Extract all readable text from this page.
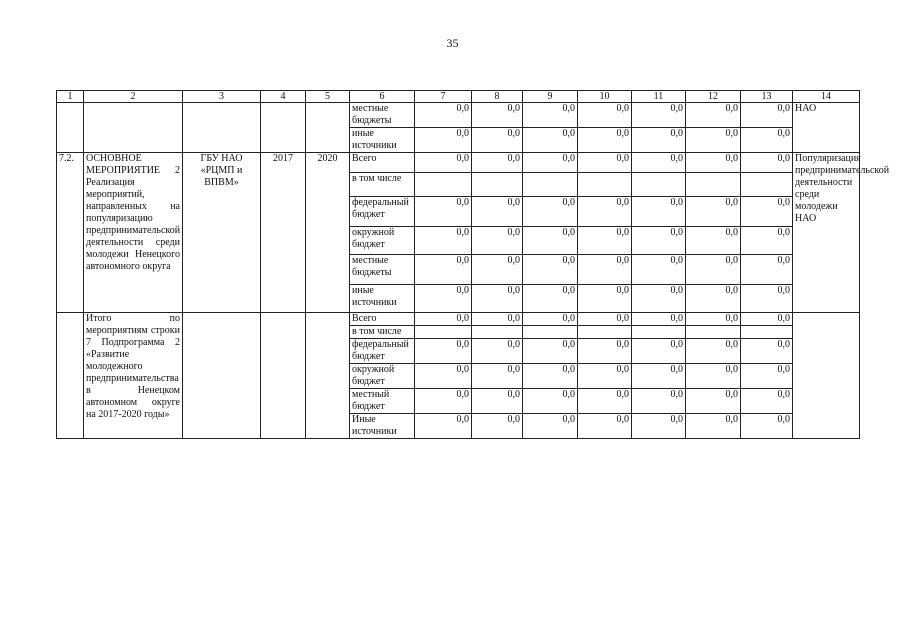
35
1	2	3	4	5	6	7	8	9	10	11	12	13	14
					местные бюджеты	0,0	0,0	0,0	0,0	0,0	0,0	0,0	НАО
					иные источники	0,0	0,0	0,0	0,0	0,0	0,0	0,0	
7.2.	ОСНОВНОЕ МЕРОПРИЯТИЕ 2 Реализация мероприятий, направленных на популяризацию предпринимательской деятельности среди молодежи Ненецкого автономного округа	ГБУ НАО «РЦМП и ВПВМ»	2017	2020	Всего	0,0	0,0	0,0	0,0	0,0	0,0	0,0	Популяризация предпринимательской деятельности среди молодежи НАО
					в том числе								
					федеральный бюджет	0,0	0,0	0,0	0,0	0,0	0,0	0,0	
					окружной бюджет	0,0	0,0	0,0	0,0	0,0	0,0	0,0	
					местные бюджеты	0,0	0,0	0,0	0,0	0,0	0,0	0,0	
					иные источники	0,0	0,0	0,0	0,0	0,0	0,0	0,0	
	Итого по мероприятиям строки 7 Подпрограмма 2 «Развитие молодежного предпринимательства в Ненецком автономном округе на 2017-2020 годы»				Всего	0,0	0,0	0,0	0,0	0,0	0,0	0,0	
					в том числе								
					федеральный бюджет	0,0	0,0	0,0	0,0	0,0	0,0	0,0	
					окружной бюджет	0,0	0,0	0,0	0,0	0,0	0,0	0,0	
					местный бюджет	0,0	0,0	0,0	0,0	0,0	0,0	0,0	
					Иные источники	0,0	0,0	0,0	0,0	0,0	0,0	0,0	
